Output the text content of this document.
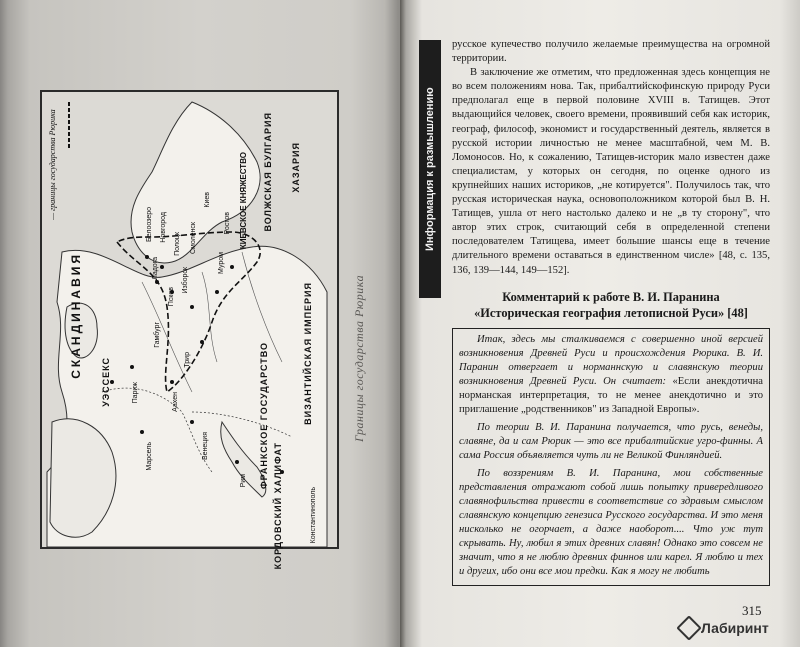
Границы государства Рюрика
— границы государства Рюрика
СКАНДИНАВИЯ	ВИЗАНТИЙСКАЯ ИМПЕРИЯ
ХАЗАРИЯ
ВОЛЖСКАЯ БУЛГАРИЯ
ФРАНКСКОЕ ГОСУДАРСТВО
КОРДОВСКИЙ ХАЛИФАТ
КИЕВСКОЕ КНЯЖЕСТВО
Новгород
Киев
Полоцк Смоленск	Ростов
Муром
Белоозеро
Ладога	Изборск
Псков
УЭССЕКС	Париж	Аахен
Рим
Венеция
Марсель
Трир
Гамбург
Константинополь
Информация к размышлению

русское купечество получило желаемые преимущества на огромной территории.

В заключение же отметим, что предложенная здесь концепция не во всем положениям нова. Так, прибалтийскофинскую природу Руси предполагал еще в первой половине XVIII в. Татищев. Этот выдающийся человек, своего времени, проявивший себя как историк, географ, философ, экономист и государственный деятель, является в русской истории личностью не менее масштабной, чем М. В. Ломоносов. Но, к сожалению, Татищев-историк мало известен даже специалистам, у которых он сегодня, по оценке одного из крупнейших наших историков, „не котируется". Получилось так, что русская историческая наука, основоположником которой был В. Н. Татищев, ушла от него настолько далеко и не „в ту сторону", что автор этих строк, считающий себя в определенной степени последователем Татищева, имеет большие шансы еще в течение длительного времени оставаться в единственном числе» [48, с. 135, 136, 139—144, 149—152].

Комментарий к работе В. И. Паранина
«Историческая география летописной Руси» [48]

Итак, здесь мы сталкиваемся с совершенно иной версией возникновения Древней Руси и происхождения Рюрика. В. И. Паранин отвергает и норманнскую и славянскую теории возникновения Древней Руси. Он считает: «Если анекдотична норманская интерпретация, то не менее анекдотично и это приглашение „родственников" из Западной Европы».

По теории В. И. Паранина получается, что русь, венеды, славяне, да и сам Рюрик — это все прибалтийские угро-финны. А сама Россия объявляется чуть ли не Великой Финляндией.

По воззрениям В. И. Паранина, мои собственные представления отражают собой лишь попытку привередливого славянофильства привести в соответствие со здравым смыслом славянскую концепцию генезиса Русского государства. И это меня нисколько не огорчает, а даже наоборот.... Что уж тут скрывать. Ну, любил я этих древних славян! Однако это совсем не значит, что я не люблю древних финнов или карел. Я люблю и тех и других, ибо они все мои предки. Как я могу не любить

315
Лабиринт
